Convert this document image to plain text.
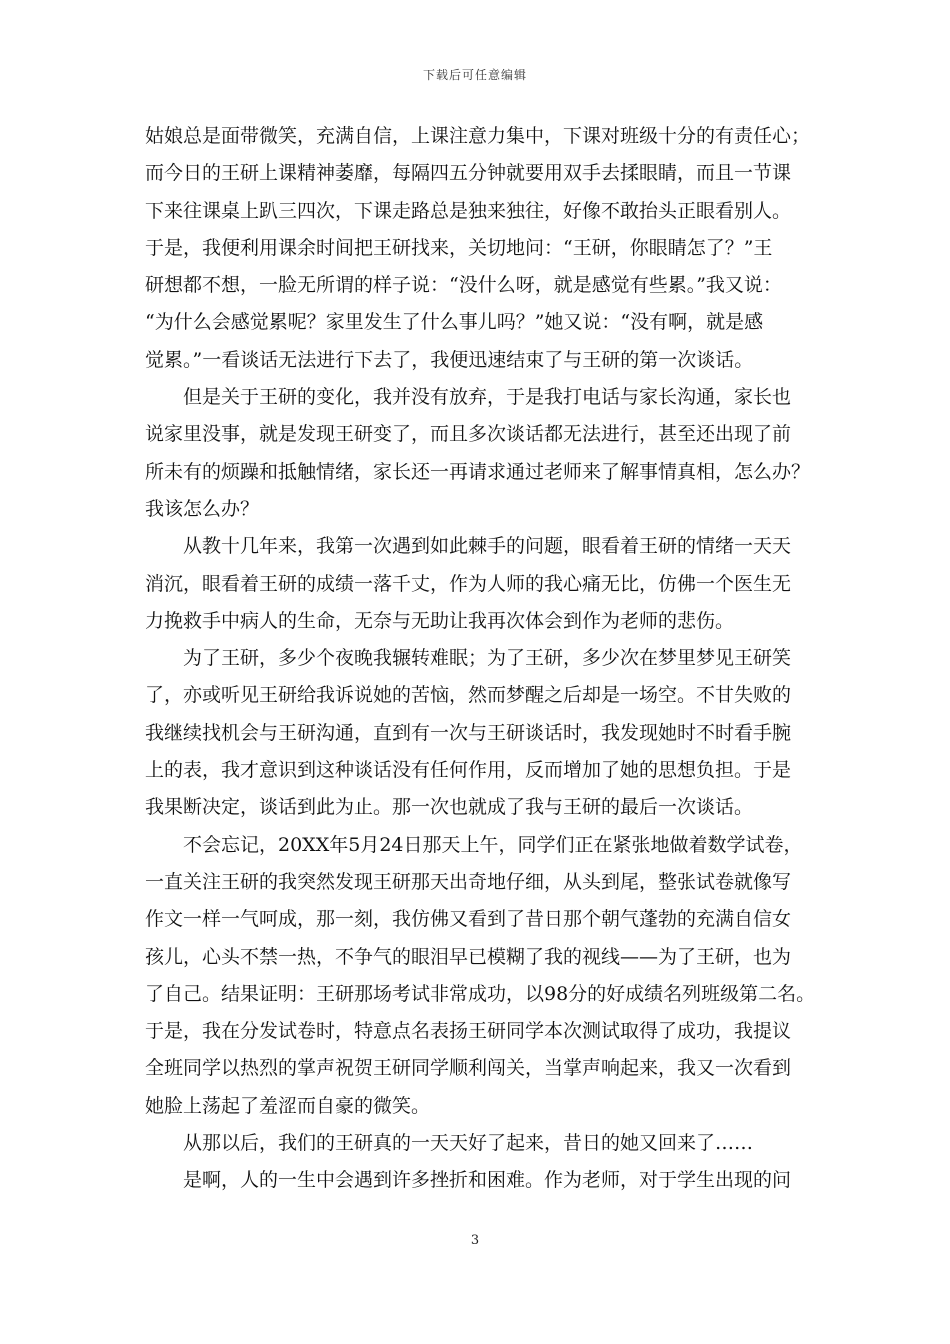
下载后可任意编辑
姑娘总是面带微笑，充满自信，上课注意力集中，下课对班级十分的有责任心；
而今日的王研上课精神萎靡，每隔四五分钟就要用双手去揉眼睛，而且一节课
下来往课桌上趴三四次，下课走路总是独来独往，好像不敢抬头正眼看别人。
于是，我便利用课余时间把王研找来，关切地问：“王研，你眼睛怎了？”王
研想都不想，一脸无所谓的样子说：“没什么呀，就是感觉有些累。”我又说：
“为什么会感觉累呢？家里发生了什么事儿吗？”她又说：“没有啊，就是感
觉累。”一看谈话无法进行下去了，我便迅速结束了与王研的第一次谈话。
　　但是关于王研的变化，我并没有放弃，于是我打电话与家长沟通，家长也
说家里没事，就是发现王研变了，而且多次谈话都无法进行，甚至还出现了前
所未有的烦躁和抵触情绪，家长还一再请求通过老师来了解事情真相，怎么办？
我该怎么办？
　　从教十几年来，我第一次遇到如此棘手的问题，眼看着王研的情绪一天天
消沉，眼看着王研的成绩一落千丈，作为人师的我心痛无比，仿佛一个医生无
力挽救手中病人的生命，无奈与无助让我再次体会到作为老师的悲伤。
　　为了王研，多少个夜晚我辗转难眠；为了王研，多少次在梦里梦见王研笑
了，亦或听见王研给我诉说她的苦恼，然而梦醒之后却是一场空。不甘失败的
我继续找机会与王研沟通，直到有一次与王研谈话时，我发现她时不时看手腕
上的表，我才意识到这种谈话没有任何作用，反而增加了她的思想负担。于是
我果断决定，谈话到此为止。那一次也就成了我与王研的最后一次谈话。
　　不会忘记，20XX年5月24日那天上午，同学们正在紧张地做着数学试卷，
一直关注王研的我突然发现王研那天出奇地仔细，从头到尾，整张试卷就像写
作文一样一气呵成，那一刻，我仿佛又看到了昔日那个朝气蓬勃的充满自信女
孩儿，心头不禁一热，不争气的眼泪早已模糊了我的视线——为了王研，也为
了自己。结果证明：王研那场考试非常成功，以98分的好成绩名列班级第二名。
于是，我在分发试卷时，特意点名表扬王研同学本次测试取得了成功，我提议
全班同学以热烈的掌声祝贺王研同学顺利闯关，当掌声响起来，我又一次看到
她脸上荡起了羞涩而自豪的微笑。
　　从那以后，我们的王研真的一天天好了起来，昔日的她又回来了……
　　是啊，人的一生中会遇到许多挫折和困难。作为老师，对于学生出现的问
3
